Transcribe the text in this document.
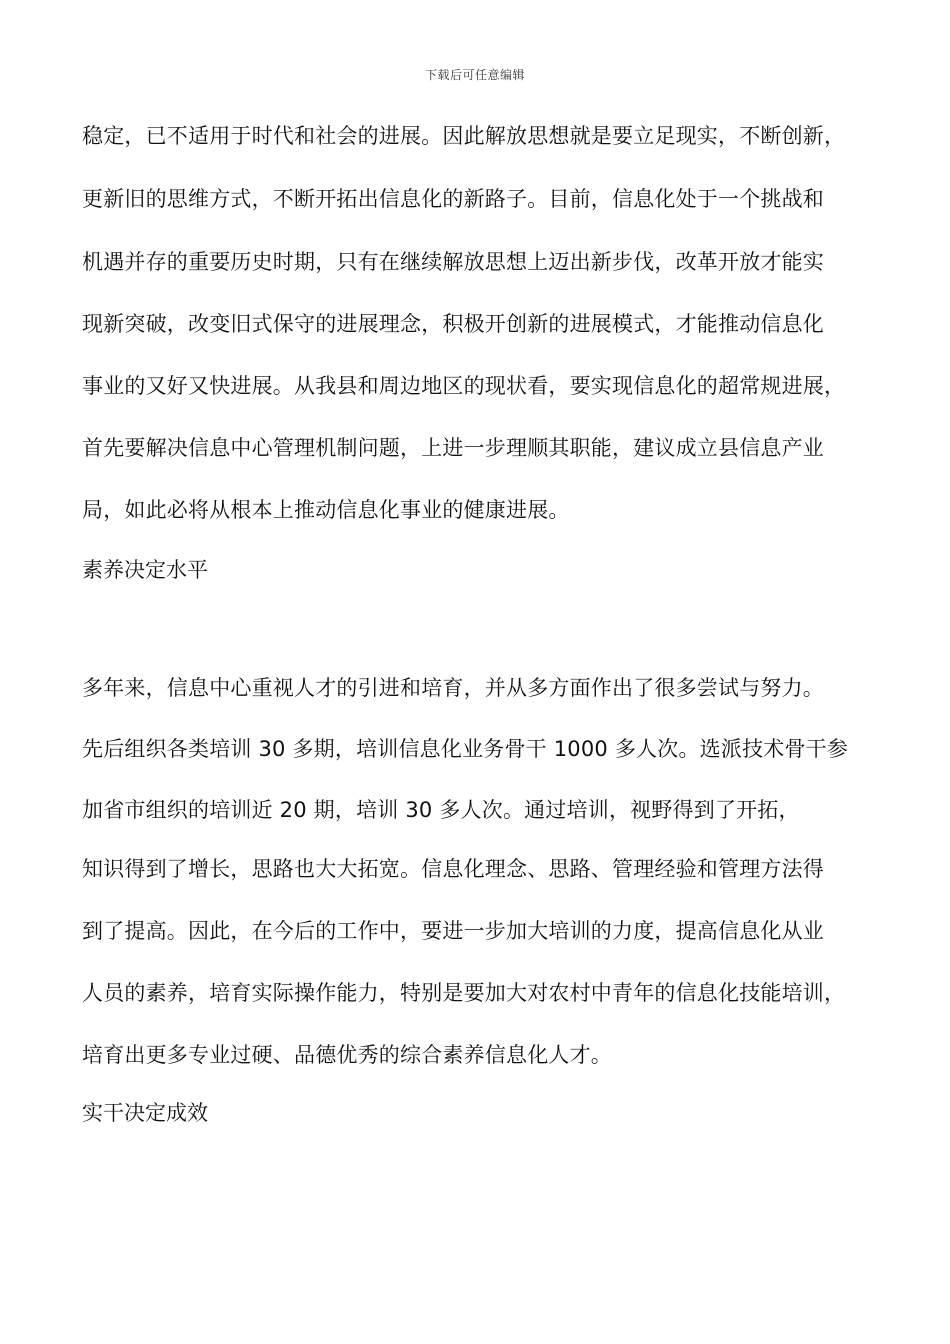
下载后可任意编辑
稳定，已不适用于时代和社会的进展。因此解放思想就是要立足现实，不断创新，
更新旧的思维方式，不断开拓出信息化的新路子。目前，信息化处于一个挑战和
机遇并存的重要历史时期，只有在继续解放思想上迈出新步伐，改革开放才能实
现新突破，改变旧式保守的进展理念，积极开创新的进展模式，才能推动信息化
事业的又好又快进展。从我县和周边地区的现状看，要实现信息化的超常规进展，
首先要解决信息中心管理机制问题，上进一步理顺其职能，建议成立县信息产业
局，如此必将从根本上推动信息化事业的健康进展。
素养决定水平
多年来，信息中心重视人才的引进和培育，并从多方面作出了很多尝试与努力。
先后组织各类培训 30 多期，培训信息化业务骨干 1000 多人次。选派技术骨干参
加省市组织的培训近 20 期，培训 30 多人次。通过培训，视野得到了开拓，
知识得到了增长，思路也大大拓宽。信息化理念、思路、管理经验和管理方法得
到了提高。因此，在今后的工作中，要进一步加大培训的力度，提高信息化从业
人员的素养，培育实际操作能力，特别是要加大对农村中青年的信息化技能培训，
培育出更多专业过硬、品德优秀的综合素养信息化人才。
实干决定成效
